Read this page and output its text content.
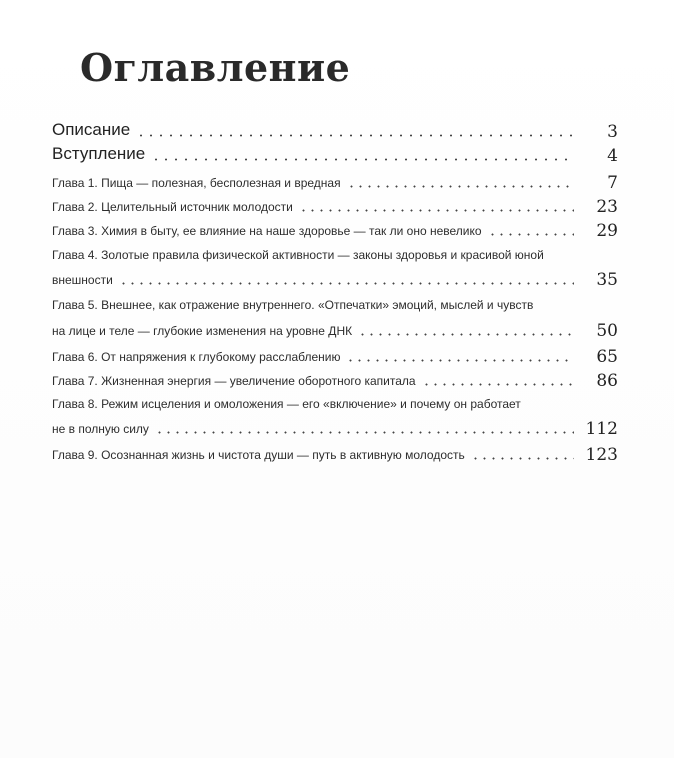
Оглавление
Описание	3
Вступление	4
Глава 1. Пища — полезная, бесполезная и вредная	7
Глава 2. Целительный источник молодости	23
Глава 3. Химия в быту, ее влияние на наше здоровье — так ли оно невелико	29
Глава 4. Золотые правила физической активности — законы здоровья и красивой юной
внешности	35
Глава 5. Внешнее, как отражение внутреннего. «Отпечатки» эмоций, мыслей и чувств
на лице и теле — глубокие изменения на уровне ДНК	50
Глава 6. От напряжения к глубокому расслаблению	65
Глава 7. Жизненная энергия — увеличение оборотного капитала	86
Глава 8. Режим исцеления и омоложения — его «включение» и почему он работает
не в полную силу	112
Глава 9. Осознанная жизнь и чистота души — путь в активную молодость	123
